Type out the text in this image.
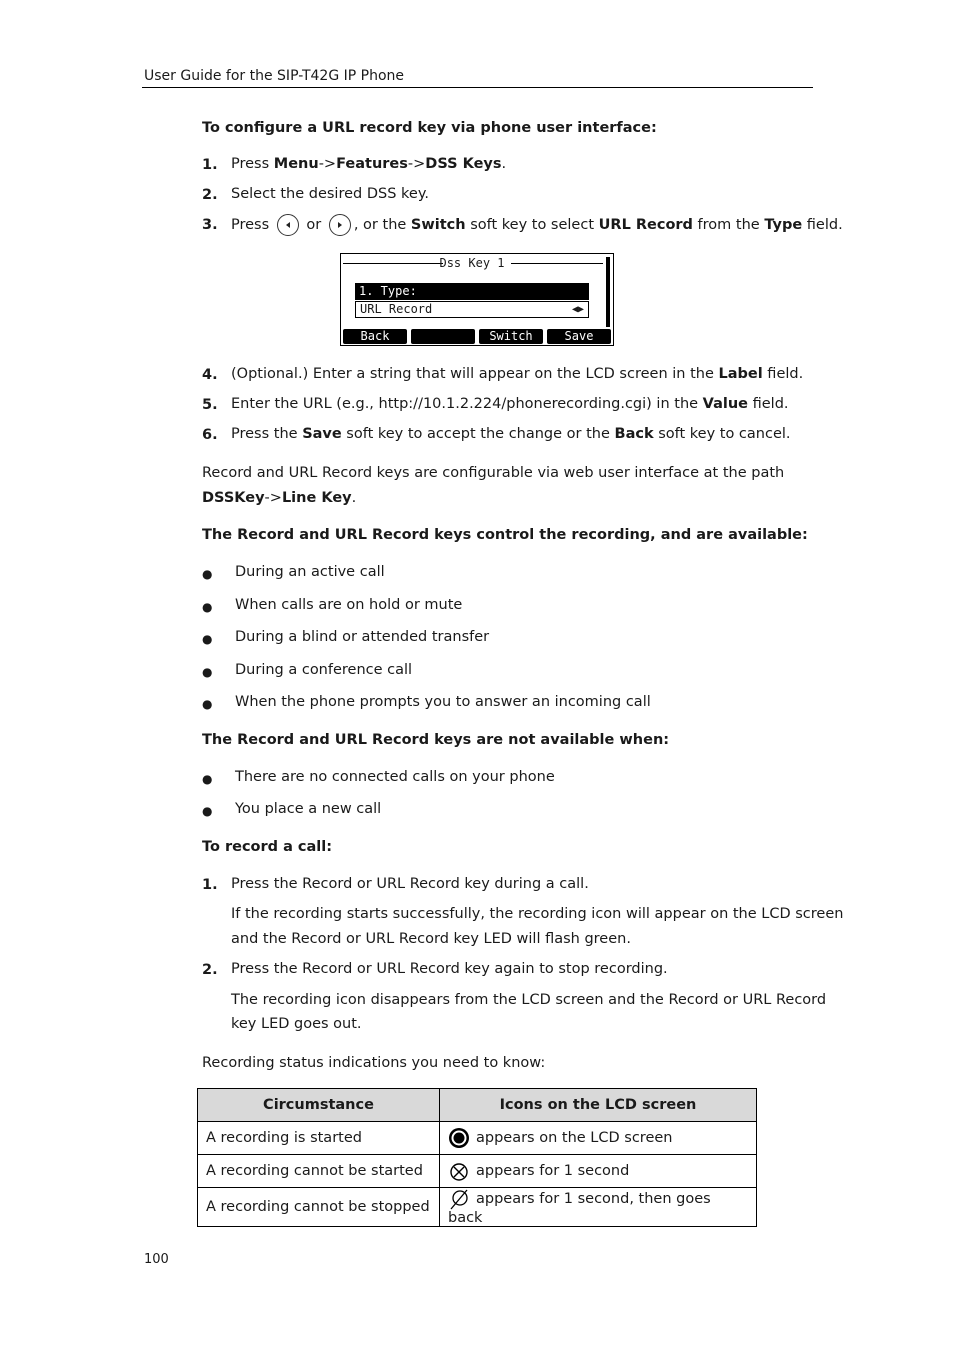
User Guide for the SIP-T42G IP Phone
To configure a URL record key via phone user interface:
1. Press Menu->Features->DSS Keys.
2. Select the desired DSS key.
3. Press	or , or the Switch soft key to select URL Record from the Type field.
Dss Key 1
1. Type:
URL Record	◀▶
Back	Switch	Save
4. (Optional.) Enter a string that will appear on the LCD screen in the Label field.
5. Enter the URL (e.g., http://10.1.2.224/phonerecording.cgi) in the Value field.
6. Press the Save soft key to accept the change or the Back soft key to cancel.
Record and URL Record keys are configurable via web user interface at the path
DSSKey->Line Key.
The Record and URL Record keys control the recording, and are available:
● During an active call
● When calls are on hold or mute
● During a blind or attended transfer
● During a conference call
● When the phone prompts you to answer an incoming call
The Record and URL Record keys are not available when:
● There are no connected calls on your phone
● You place a new call
To record a call:
1. Press the Record or URL Record key during a call.
If the recording starts successfully, the recording icon will appear on the LCD screen
and the Record or URL Record key LED will flash green.
2. Press the Record or URL Record key again to stop recording.
The recording icon disappears from the LCD screen and the Record or URL Record
key LED goes out.
Recording status indications you need to know:
Circumstance	Icons on the LCD screen
A recording is started	appears on the LCD screen
A recording cannot be started	appears for 1 second
A recording cannot be stopped	appears for 1 second, then goes back
100
